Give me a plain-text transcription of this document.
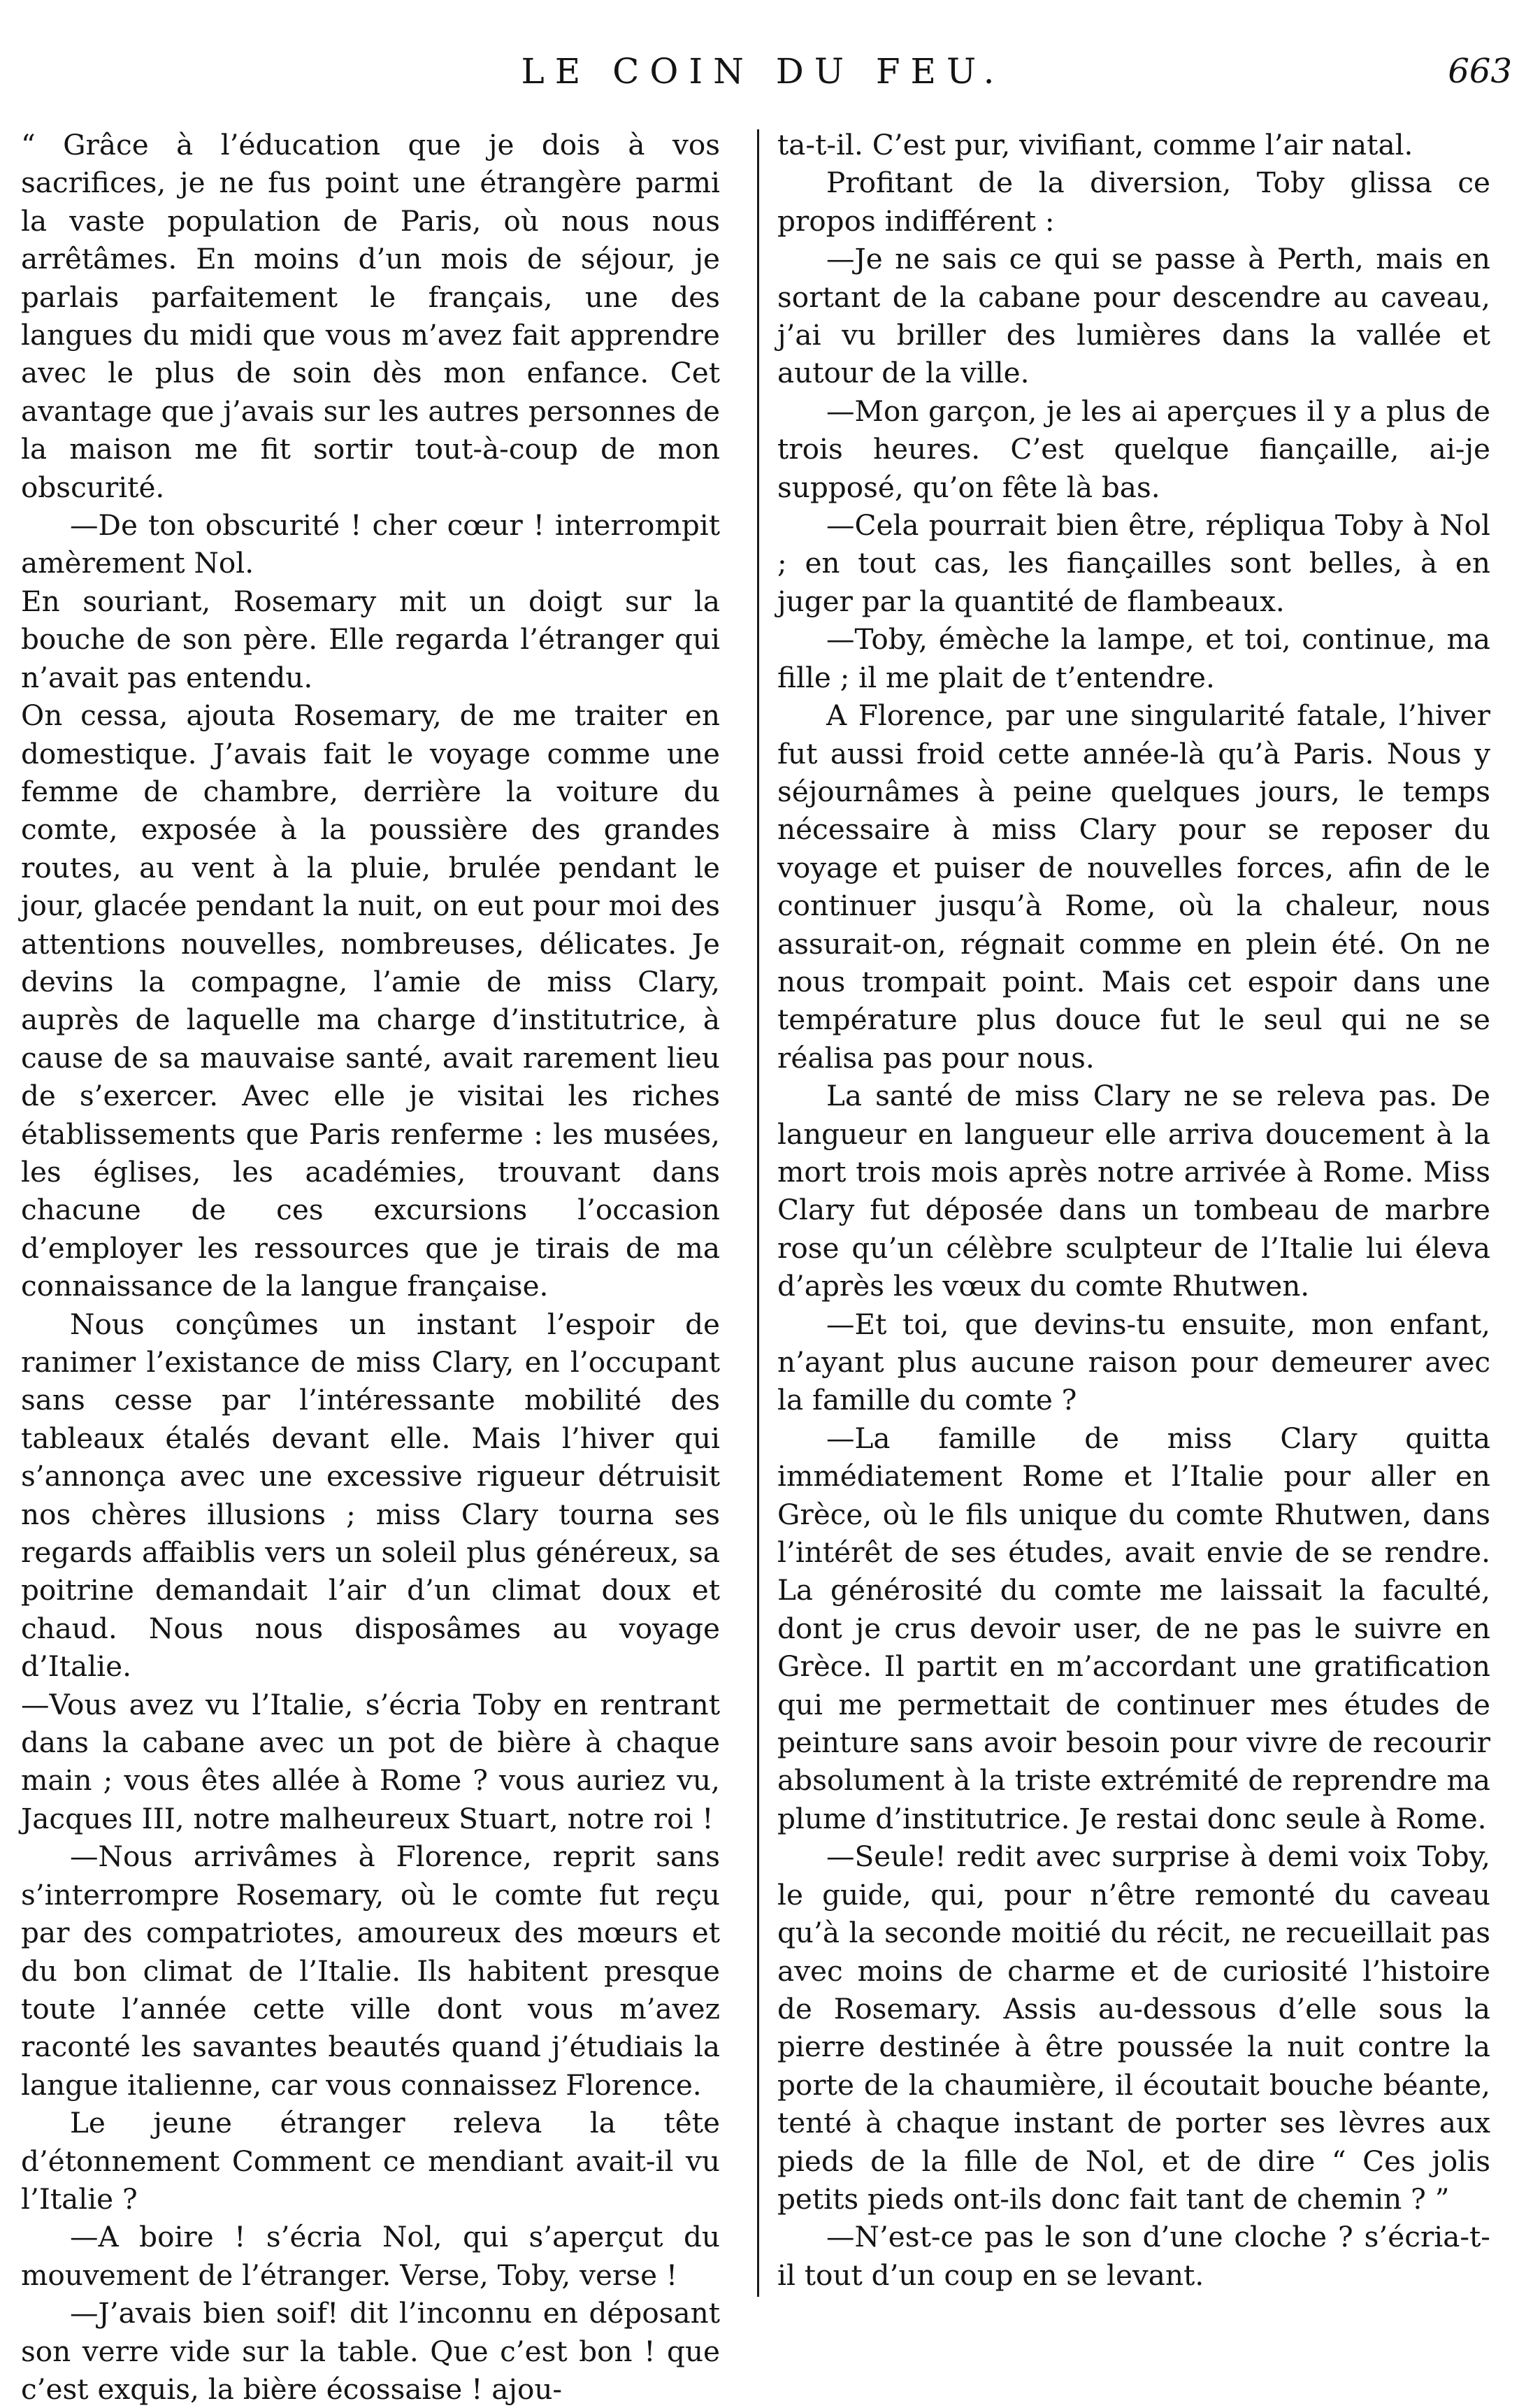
LE COIN DU FEU.	663

“ Grâce à l’éducation que je dois à vos sacrifices, je ne fus point une étrangère parmi la vaste population de Paris, où nous nous arrêtâmes. En moins d’un mois de séjour, je parlais parfaitement le français, une des langues du midi que vous m’avez fait apprendre avec le plus de soin dès mon enfance. Cet avantage que j’avais sur les autres personnes de la maison me fit sortir tout-à-coup de mon obscurité.

—De ton obscurité ! cher cœur ! interrompit amèrement Nol.

En souriant, Rosemary mit un doigt sur la bouche de son père. Elle regarda l’étranger qui n’avait pas entendu.

On cessa, ajouta Rosemary, de me traiter en domestique. J’avais fait le voyage comme une femme de chambre, derrière la voiture du comte, exposée à la poussière des grandes routes, au vent à la pluie, brulée pendant le jour, glacée pendant la nuit, on eut pour moi des attentions nouvelles, nombreuses, délicates. Je devins la compagne, l’amie de miss Clary, auprès de laquelle ma charge d’institutrice, à cause de sa mauvaise santé, avait rarement lieu de s’exercer. Avec elle je visitai les riches établissements que Paris renferme : les musées, les églises, les académies, trouvant dans chacune de ces excursions l’occasion d’employer les ressources que je tirais de ma connaissance de la langue française.

Nous conçûmes un instant l’espoir de ranimer l’existance de miss Clary, en l’occupant sans cesse par l’intéressante mobilité des tableaux étalés devant elle. Mais l’hiver qui s’annonça avec une excessive rigueur détruisit nos chères illusions ; miss Clary tourna ses regards affaiblis vers un soleil plus généreux, sa poitrine demandait l’air d’un climat doux et chaud. Nous nous disposâmes au voyage d’Italie.

—Vous avez vu l’Italie, s’écria Toby en rentrant dans la cabane avec un pot de bière à chaque main ; vous êtes allée à Rome ? vous auriez vu, Jacques III, notre malheureux Stuart, notre roi !

—Nous arrivâmes à Florence, reprit sans s’interrompre Rosemary, où le comte fut reçu par des compatriotes, amoureux des mœurs et du bon climat de l’Italie. Ils habitent presque toute l’année cette ville dont vous m’avez raconté les savantes beautés quand j’étudiais la langue italienne, car vous connaissez Florence.

Le jeune étranger releva la tête d’étonnement Comment ce mendiant avait-il vu l’Italie ?

—A boire ! s’écria Nol, qui s’aperçut du mouvement de l’étranger. Verse, Toby, verse !

—J’avais bien soif! dit l’inconnu en déposant son verre vide sur la table. Que c’est bon ! que c’est exquis, la bière écossaise ! ajou-

ta-t-il. C’est pur, vivifiant, comme l’air natal.

Profitant de la diversion, Toby glissa ce propos indifférent :

—Je ne sais ce qui se passe à Perth, mais en sortant de la cabane pour descendre au caveau, j’ai vu briller des lumières dans la vallée et autour de la ville.

—Mon garçon, je les ai aperçues il y a plus de trois heures. C’est quelque fiançaille, ai-je supposé, qu’on fête là bas.

—Cela pourrait bien être, répliqua Toby à Nol ; en tout cas, les fiançailles sont belles, à en juger par la quantité de flambeaux.

—Toby, émèche la lampe, et toi, continue, ma fille ; il me plait de t’entendre.

A Florence, par une singularité fatale, l’hiver fut aussi froid cette année-là qu’à Paris. Nous y séjournâmes à peine quelques jours, le temps nécessaire à miss Clary pour se reposer du voyage et puiser de nouvelles forces, afin de le continuer jusqu’à Rome, où la chaleur, nous assurait-on, régnait comme en plein été. On ne nous trompait point. Mais cet espoir dans une température plus douce fut le seul qui ne se réalisa pas pour nous.

La santé de miss Clary ne se releva pas. De langueur en langueur elle arriva doucement à la mort trois mois après notre arrivée à Rome. Miss Clary fut déposée dans un tombeau de marbre rose qu’un célèbre sculpteur de l’Italie lui éleva d’après les vœux du comte Rhutwen.

—Et toi, que devins-tu ensuite, mon enfant, n’ayant plus aucune raison pour demeurer avec la famille du comte ?

—La famille de miss Clary quitta immédiatement Rome et l’Italie pour aller en Grèce, où le fils unique du comte Rhutwen, dans l’intérêt de ses études, avait envie de se rendre. La générosité du comte me laissait la faculté, dont je crus devoir user, de ne pas le suivre en Grèce. Il partit en m’accordant une gratification qui me permettait de continuer mes études de peinture sans avoir besoin pour vivre de recourir absolument à la triste extrémité de reprendre ma plume d’institutrice. Je restai donc seule à Rome.

—Seule! redit avec surprise à demi voix Toby, le guide, qui, pour n’être remonté du caveau qu’à la seconde moitié du récit, ne recueillait pas avec moins de charme et de curiosité l’histoire de Rosemary. Assis au-dessous d’elle sous la pierre destinée à être poussée la nuit contre la porte de la chaumière, il écoutait bouche béante, tenté à chaque instant de porter ses lèvres aux pieds de la fille de Nol, et de dire “ Ces jolis petits pieds ont-ils donc fait tant de chemin ? ”

—N’est-ce pas le son d’une cloche ? s’écria-t-il tout d’un coup en se levant.
